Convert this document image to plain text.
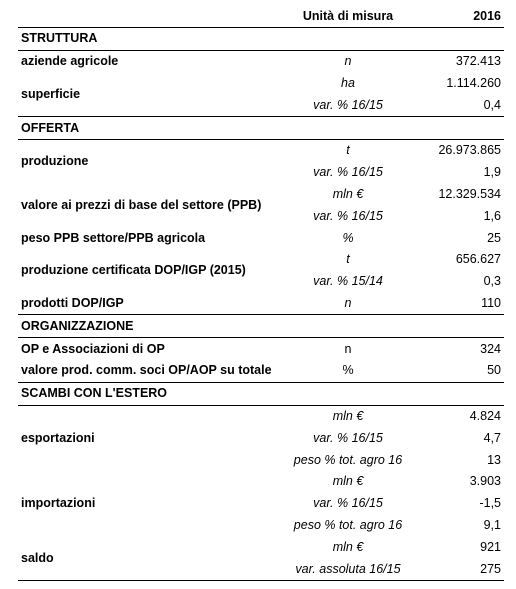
	Unità di misura	2016
STRUTTURA		
aziende agricole	n	372.413
superficie	ha	1.114.260
	var. % 16/15	0,4
OFFERTA		
produzione	t	26.973.865
	var. % 16/15	1,9
valore ai prezzi di base del settore (PPB)	mln €	12.329.534
	var. % 16/15	1,6
peso PPB settore/PPB agricola	%	25
produzione certificata DOP/IGP (2015)	t	656.627
	var. % 15/14	0,3
prodotti DOP/IGP	n	110
ORGANIZZAZIONE		
OP e Associazioni di OP	n	324
valore prod. comm. soci OP/AOP su totale	%	50
SCAMBI CON L'ESTERO		
esportazioni	mln €	4.824
	var. % 16/15	4,7
	peso % tot. agro 16	13
importazioni	mln €	3.903
	var. % 16/15	-1,5
	peso % tot. agro 16	9,1
saldo	mln €	921
	var. assoluta 16/15	275
